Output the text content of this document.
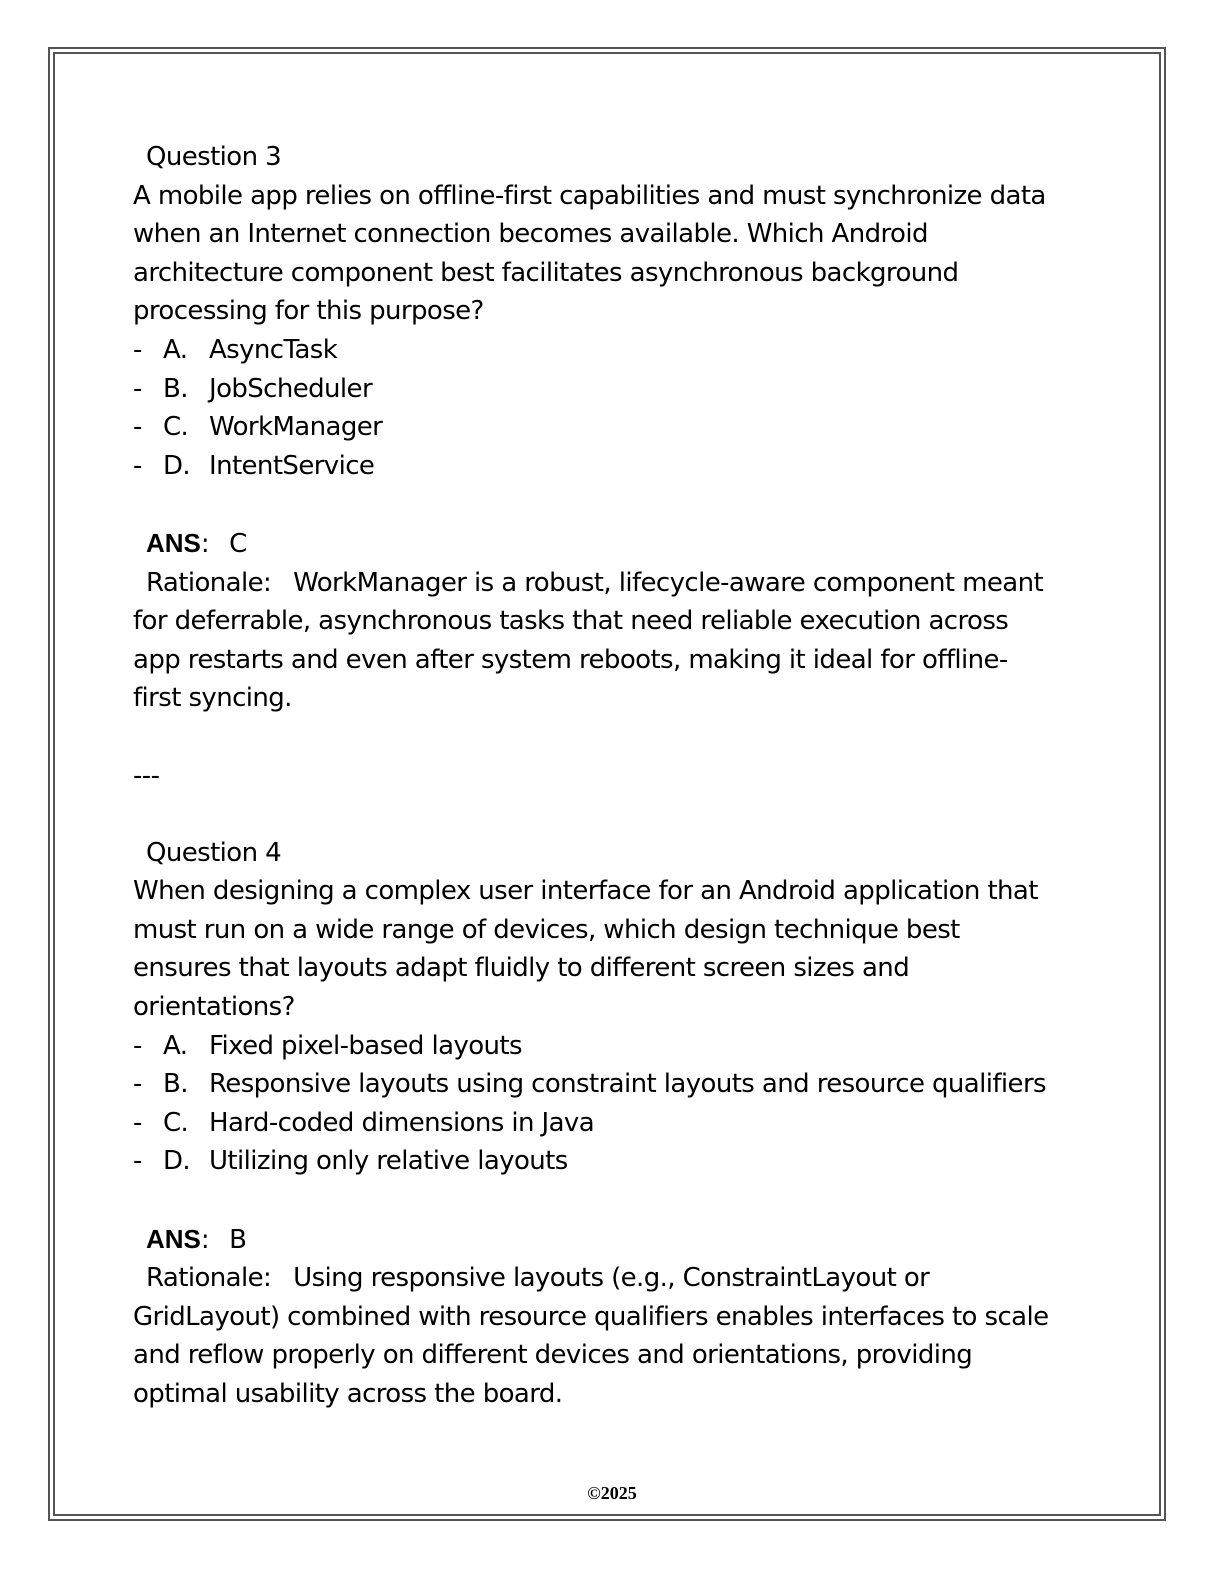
Question 3
A mobile app relies on offline-first capabilities and must synchronize data
when an Internet connection becomes available. Which Android
architecture component best facilitates asynchronous background
processing for this purpose?
- A. AsyncTask
- B. JobScheduler
- C. WorkManager
- D. IntentService
ANS: C
Rationale: WorkManager is a robust, lifecycle-aware component meant
for deferrable, asynchronous tasks that need reliable execution across
app restarts and even after system reboots, making it ideal for offline-
first syncing.
---
Question 4
When designing a complex user interface for an Android application that
must run on a wide range of devices, which design technique best
ensures that layouts adapt fluidly to different screen sizes and
orientations?
- A. Fixed pixel-based layouts
- B. Responsive layouts using constraint layouts and resource qualifiers
- C. Hard-coded dimensions in Java
- D. Utilizing only relative layouts
ANS: B
Rationale: Using responsive layouts (e.g., ConstraintLayout or
GridLayout) combined with resource qualifiers enables interfaces to scale
and reflow properly on different devices and orientations, providing
optimal usability across the board.
©2025
